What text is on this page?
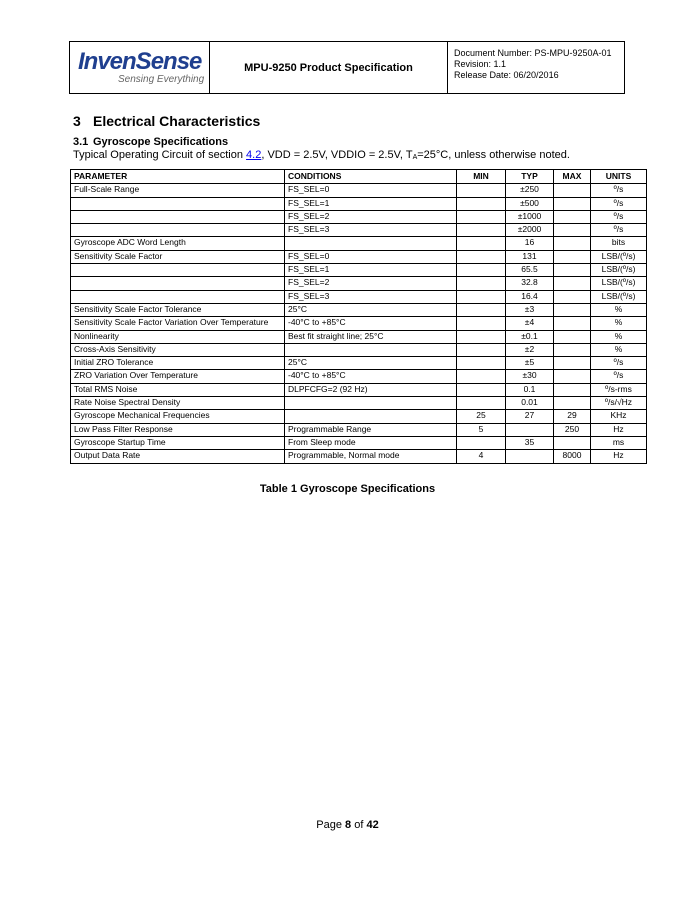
InvenSense
Sensing Everything
MPU-9250 Product Specification
Document Number: PS-MPU-9250A-01
Revision: 1.1
Release Date: 06/20/2016
3 Electrical Characteristics
3.1 Gyroscope Specifications
Typical Operating Circuit of section 4.2, VDD = 2.5V, VDDIO = 2.5V, $T_A=25^\circ C$, unless otherwise noted.
PARAMETER	CONDITIONS	MIN	TYP	MAX	UNITS
Full-Scale Range	FS_SEL=0		±250		º/s
	FS_SEL=1		±500		º/s
	FS_SEL=2		±1000		º/s
	FS_SEL=3		±2000		º/s
Gyroscope ADC Word Length			16		bits
Sensitivity Scale Factor	FS_SEL=0		131		LSB/(º/s)
	FS_SEL=1		65.5		LSB/(º/s)
	FS_SEL=2		32.8		LSB/(º/s)
	FS_SEL=3		16.4		LSB/(º/s)
Sensitivity Scale Factor Tolerance	25°C		±3		%
Sensitivity Scale Factor Variation Over Temperature	-40°C to +85°C		±4		%
Nonlinearity	Best fit straight line; 25°C		±0.1		%
Cross-Axis Sensitivity			±2		%
Initial ZRO Tolerance	25°C		±5		º/s
ZRO Variation Over Temperature	-40°C to +85°C		±30		º/s
Total RMS Noise	DLPFCFG=2 (92 Hz)		0.1		º/s-rms
Rate Noise Spectral Density			0.01		º/s/√Hz
Gyroscope Mechanical Frequencies		25	27	29	KHz
Low Pass Filter Response	Programmable Range	5		250	Hz
Gyroscope Startup Time	From Sleep mode		35		ms
Output Data Rate	Programmable, Normal mode	4		8000	Hz
Table 1 Gyroscope Specifications
Page 8 of 42
